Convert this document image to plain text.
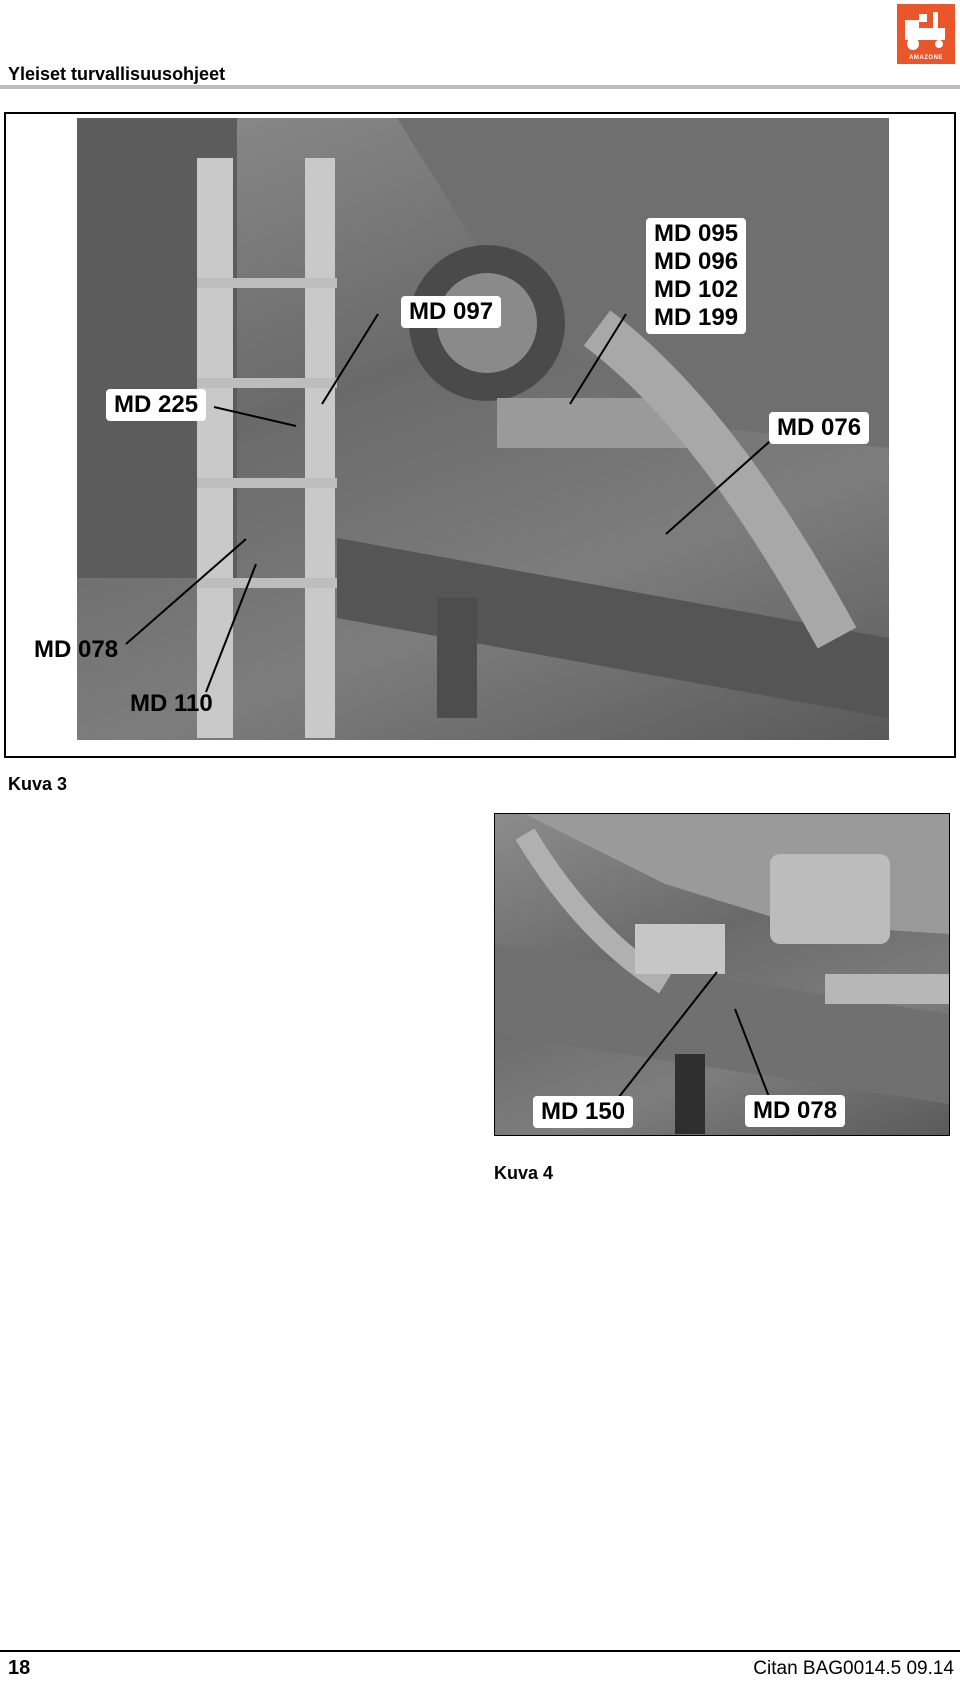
Yleiset turvallisuusohjeet
AMAZONE
MD 097
MD 095
MD 096
MD 102
MD 199
MD 225
MD 076
MD 078
MD 110
Kuva 3
MD 150	MD 078
Kuva 4
18	Citan BAG0014.5 09.14
